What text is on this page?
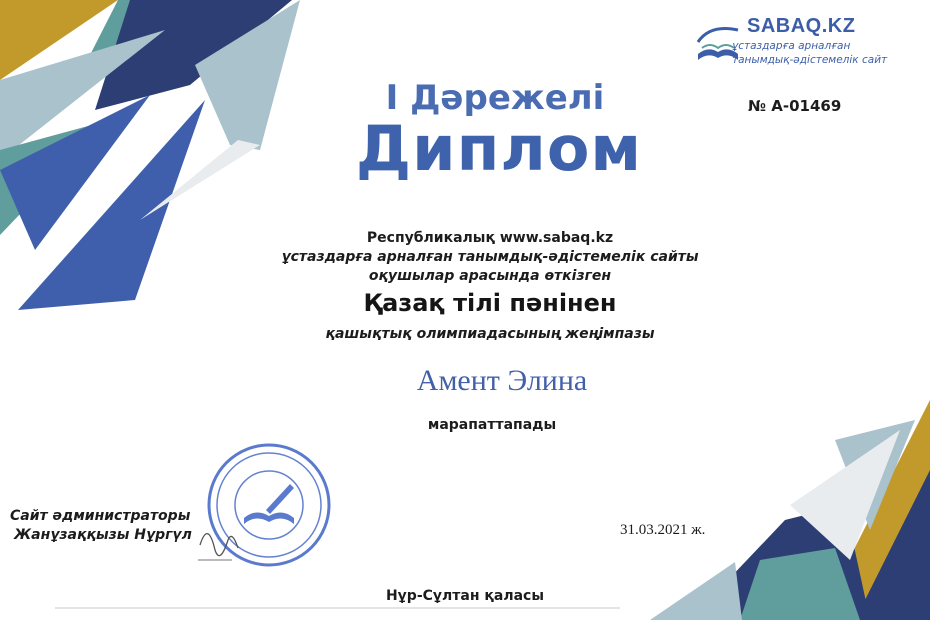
SABAQ.KZ
ұстаздарға арналған
танымдық-әдістемелік сайт
№ A-01469
I Дәрежелі
Диплом
Республикалық www.sabaq.kz
ұстаздарға арналған танымдық-әдістемелік сайты
оқушылар арасында өткізген
Қазақ тілі пәнінен
қашықтық олимпиадасының жеңімпазы
Амент Элина
марапаттапады
Сайт әдминистраторы
Жанұзаққызы Нұргүл	31.03.2021 ж.
Нұр-Сұлтан қаласы
